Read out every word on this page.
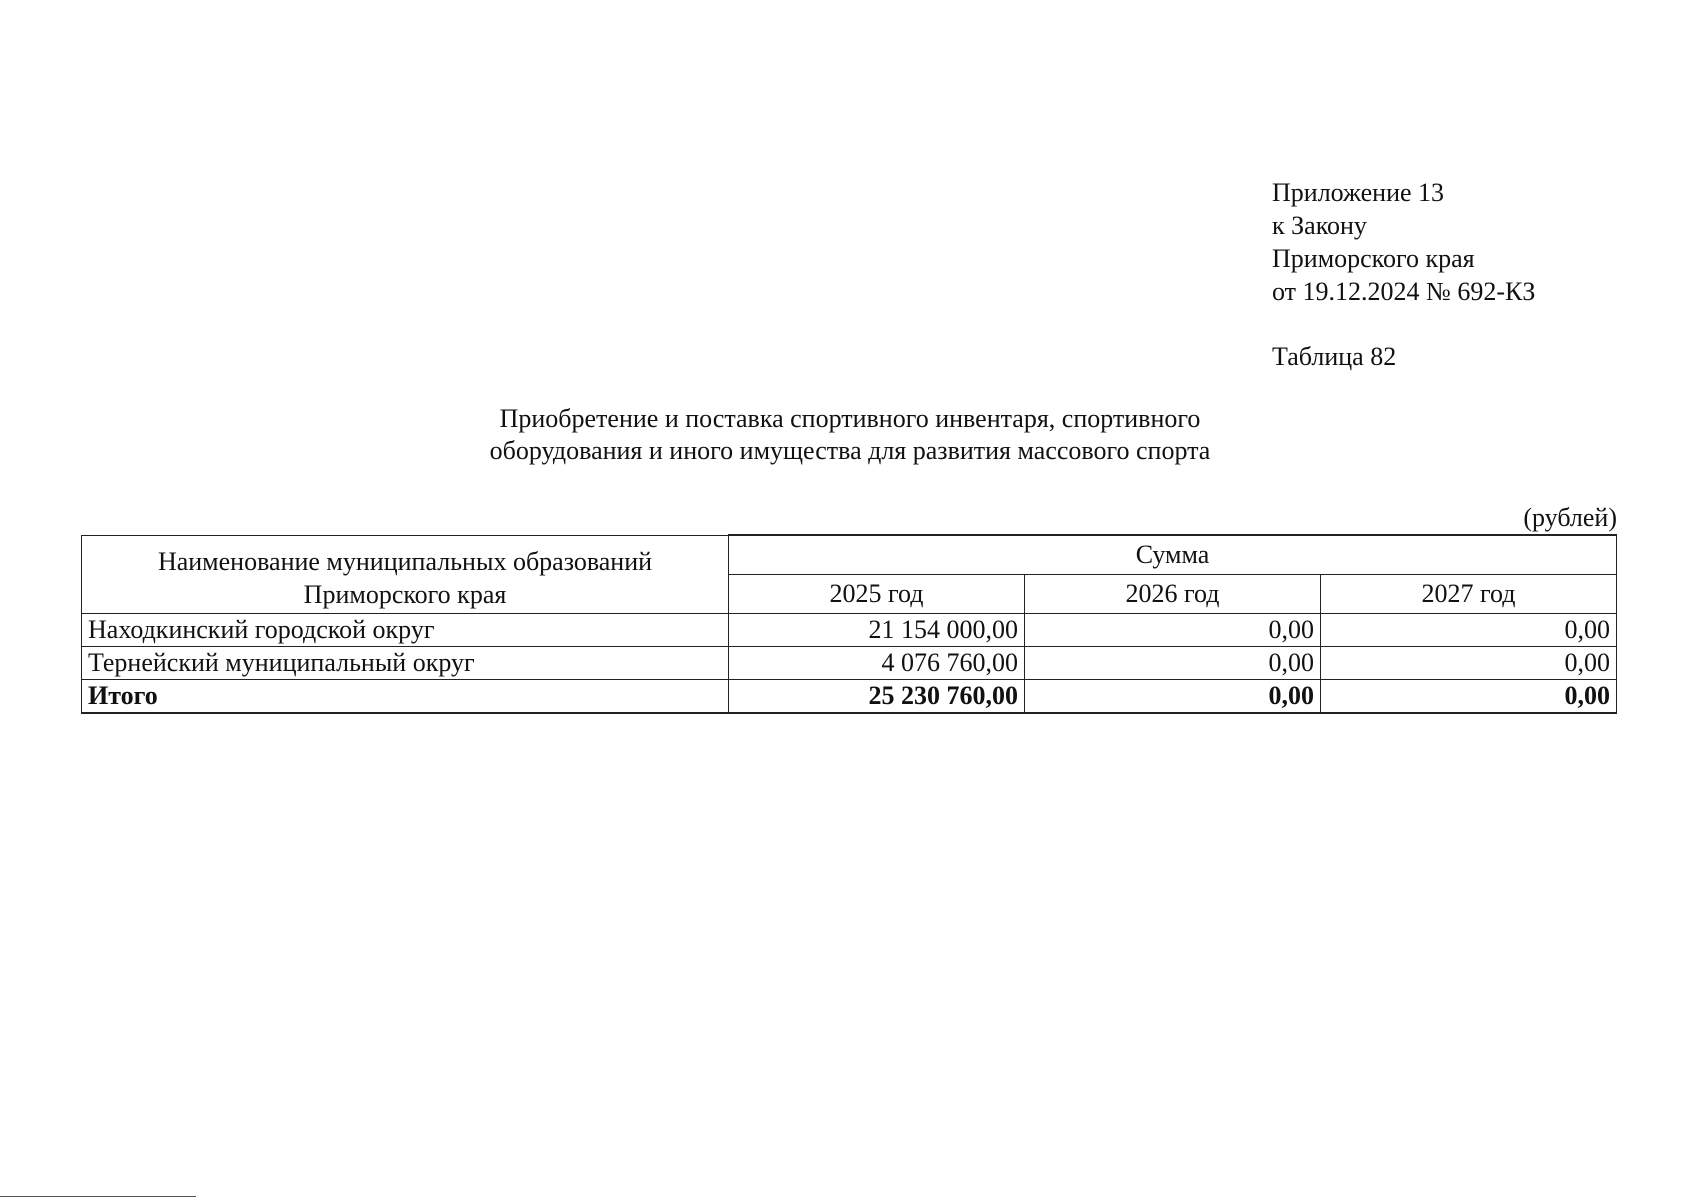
Приложение 13
к Закону
Приморского края
от 19.12.2024 № 692-КЗ
Таблица 82
Приобретение и поставка спортивного инвентаря, спортивного
оборудования и иного имущества для развития массового спорта
(рублей)
Наименование муниципальных образований
Приморского края	Сумма		
	2025 год	2026 год	2027 год
Находкинский городской округ	21 154 000,00	0,00	0,00
Тернейский муниципальный округ	4 076 760,00	0,00	0,00
Итого	25 230 760,00	0,00	0,00
